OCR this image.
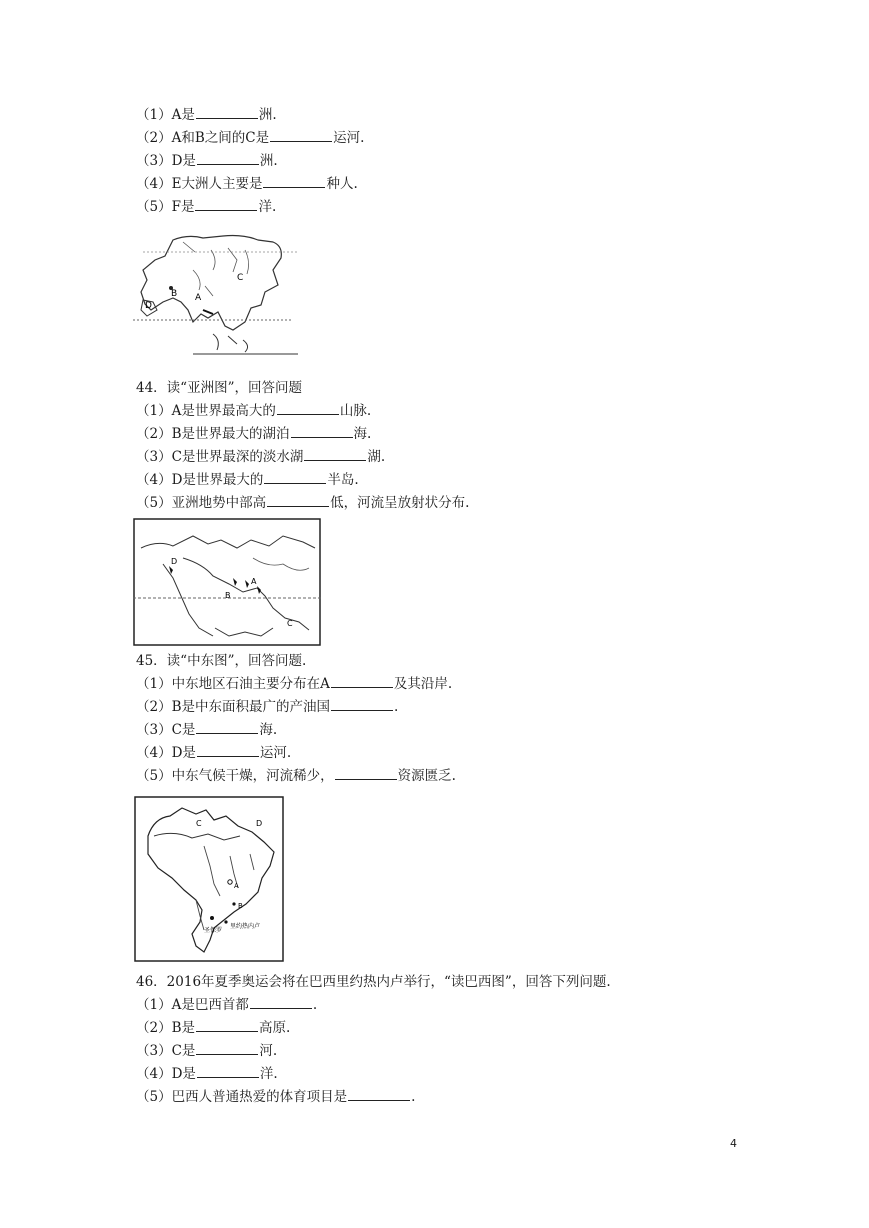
（1）A是	洲.
（2）A和B之间的C是	运河.
（3）D是	洲.
（4）E大洲人主要是	种人.
（5）F是	洋.
C
B A
D
44．读“亚洲图”，回答问题
（1）A是世界最高大的	山脉.
（2）B是世界最大的湖泊	海.
（3）C是世界最深的淡水湖	湖.
（4）D是世界最大的	半岛.
（5）亚洲地势中部高	低，河流呈放射状分布.
A
D
B
C
45．读“中东图”，回答问题.
（1）中东地区石油主要分布在A	及其沿岸.
（2）B是中东面积最广的产油国	.
（3）C是	海.
（4）D是	运河.
（5）中东气候干燥，河流稀少，	资源匮乏.
C	D
A
B
里约热内卢
圣保罗
46．2016年夏季奥运会将在巴西里约热内卢举行，“读巴西图”，回答下列问题.
（1）A是巴西首都	.
（2）B是	高原.
（3）C是	河.
（4）D是	洋.
（5）巴西人普通热爱的体育项目是	.
4
